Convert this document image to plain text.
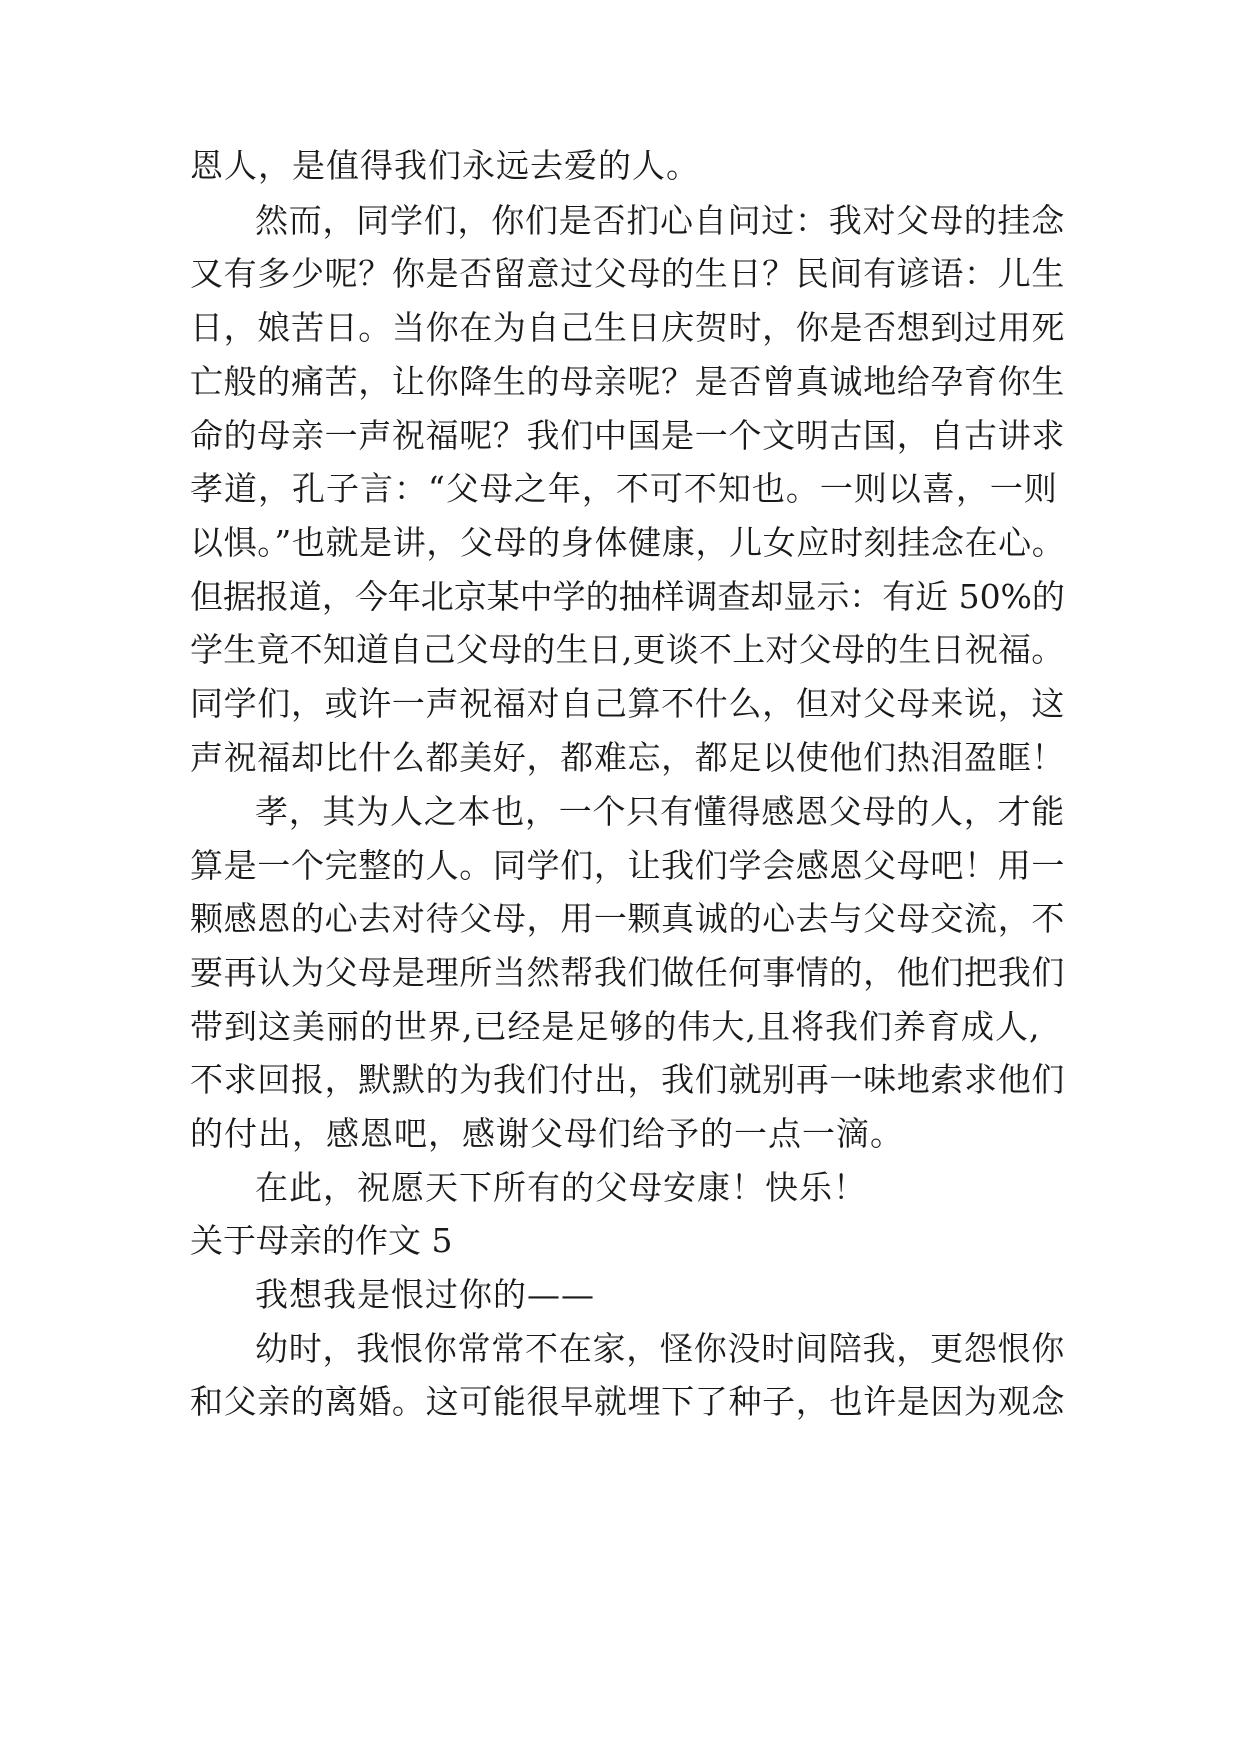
恩人，是值得我们永远去爱的人。
然而，同学们，你们是否扪心自问过：我对父母的挂念
又有多少呢？你是否留意过父母的生日？民间有谚语：儿生
日，娘苦日。当你在为自己生日庆贺时，你是否想到过用死
亡般的痛苦，让你降生的母亲呢？是否曾真诚地给孕育你生
命的母亲一声祝福呢？我们中国是一个文明古国，自古讲求
孝道，孔子言：“父母之年，不可不知也。一则以喜，一则
以惧。”也就是讲，父母的身体健康，儿女应时刻挂念在心。
但据报道，今年北京某中学的抽样调查却显示：有近 50%的
学生竟不知道自己父母的生日,更谈不上对父母的生日祝福。
同学们，或许一声祝福对自己算不什么，但对父母来说，这
声祝福却比什么都美好，都难忘，都足以使他们热泪盈眶！
孝，其为人之本也，一个只有懂得感恩父母的人，才能
算是一个完整的人。同学们，让我们学会感恩父母吧！用一
颗感恩的心去对待父母，用一颗真诚的心去与父母交流，不
要再认为父母是理所当然帮我们做任何事情的，他们把我们
带到这美丽的世界,已经是足够的伟大,且将我们养育成人,
不求回报，默默的为我们付出，我们就别再一味地索求他们
的付出，感恩吧，感谢父母们给予的一点一滴。
在此，祝愿天下所有的父母安康！快乐！
关于母亲的作文 5
我想我是恨过你的——
幼时，我恨你常常不在家，怪你没时间陪我，更怨恨你
和父亲的离婚。这可能很早就埋下了种子，也许是因为观念
